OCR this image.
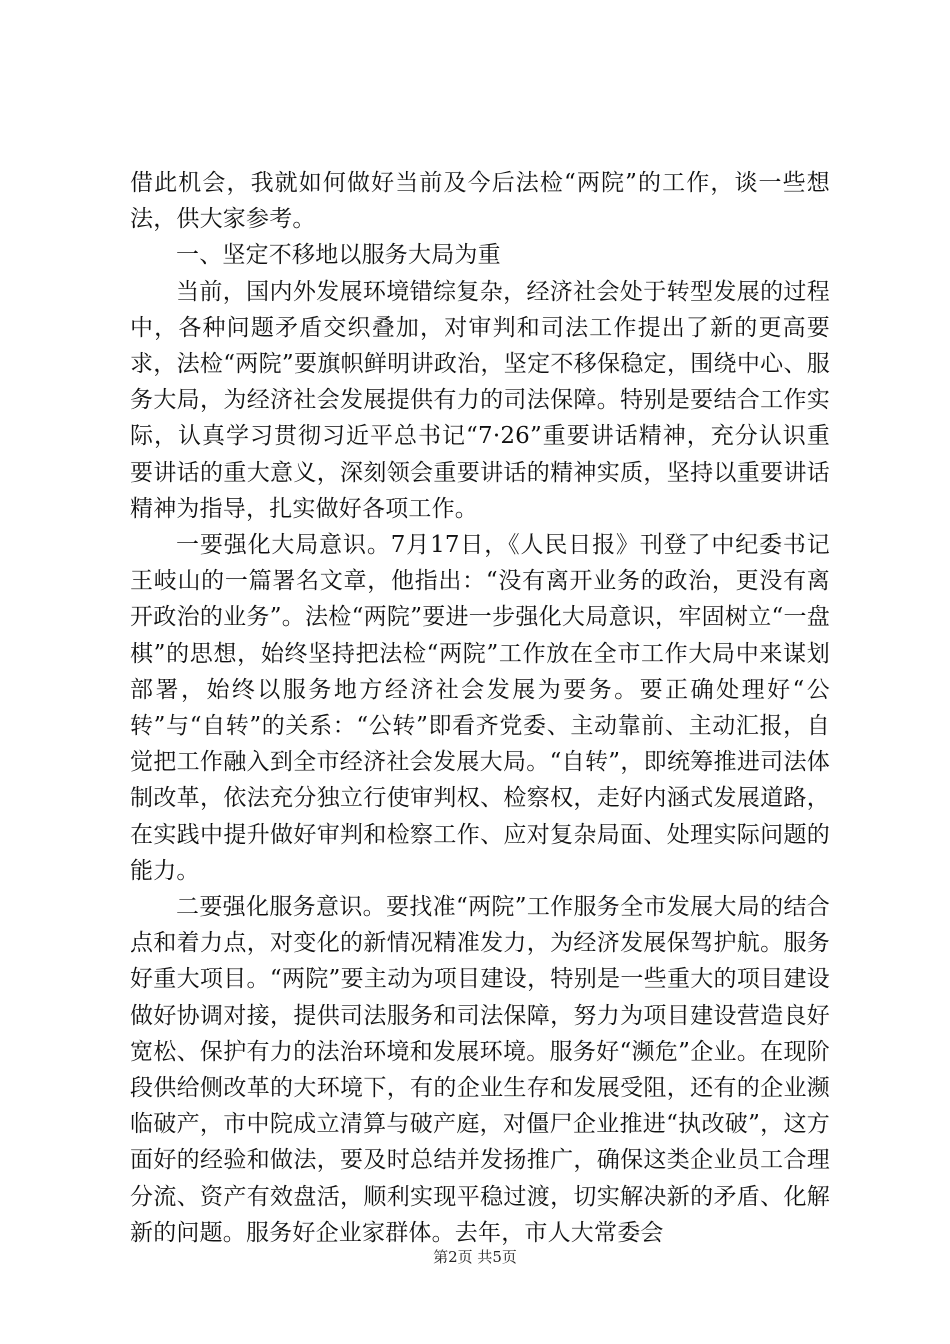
借此机会，我就如何做好当前及今后法检“两院”的工作，谈一些想法，供大家参考。

一、坚定不移地以服务大局为重

当前，国内外发展环境错综复杂，经济社会处于转型发展的过程中，各种问题矛盾交织叠加，对审判和司法工作提出了新的更高要求，法检“两院”要旗帜鲜明讲政治，坚定不移保稳定，围绕中心、服务大局，为经济社会发展提供有力的司法保障。特别是要结合工作实际，认真学习贯彻习近平总书记“7·26”重要讲话精神，充分认识重要讲话的重大意义，深刻领会重要讲话的精神实质，坚持以重要讲话精神为指导，扎实做好各项工作。

一要强化大局意识。7月17日，《人民日报》刊登了中纪委书记王岐山的一篇署名文章，他指出：“没有离开业务的政治，更没有离开政治的业务”。法检“两院”要进一步强化大局意识，牢固树立“一盘棋”的思想，始终坚持把法检“两院”工作放在全市工作大局中来谋划部署，始终以服务地方经济社会发展为要务。要正确处理好“公转”与“自转”的关系：“公转”即看齐党委、主动靠前、主动汇报，自觉把工作融入到全市经济社会发展大局。“自转”，即统筹推进司法体制改革，依法充分独立行使审判权、检察权，走好内涵式发展道路，在实践中提升做好审判和检察工作、应对复杂局面、处理实际问题的能力。

二要强化服务意识。要找准“两院”工作服务全市发展大局的结合点和着力点，对变化的新情况精准发力，为经济发展保驾护航。服务好重大项目。“两院”要主动为项目建设，特别是一些重大的项目建设做好协调对接，提供司法服务和司法保障，努力为项目建设营造良好宽松、保护有力的法治环境和发展环境。服务好“濒危”企业。在现阶段供给侧改革的大环境下，有的企业生存和发展受阻，还有的企业濒临破产，市中院成立清算与破产庭，对僵尸企业推进“执改破”，这方面好的经验和做法，要及时总结并发扬推广，确保这类企业员工合理分流、资产有效盘活，顺利实现平稳过渡，切实解决新的矛盾、化解新的问题。服务好企业家群体。去年，市人大常委会

第2页 共5页
